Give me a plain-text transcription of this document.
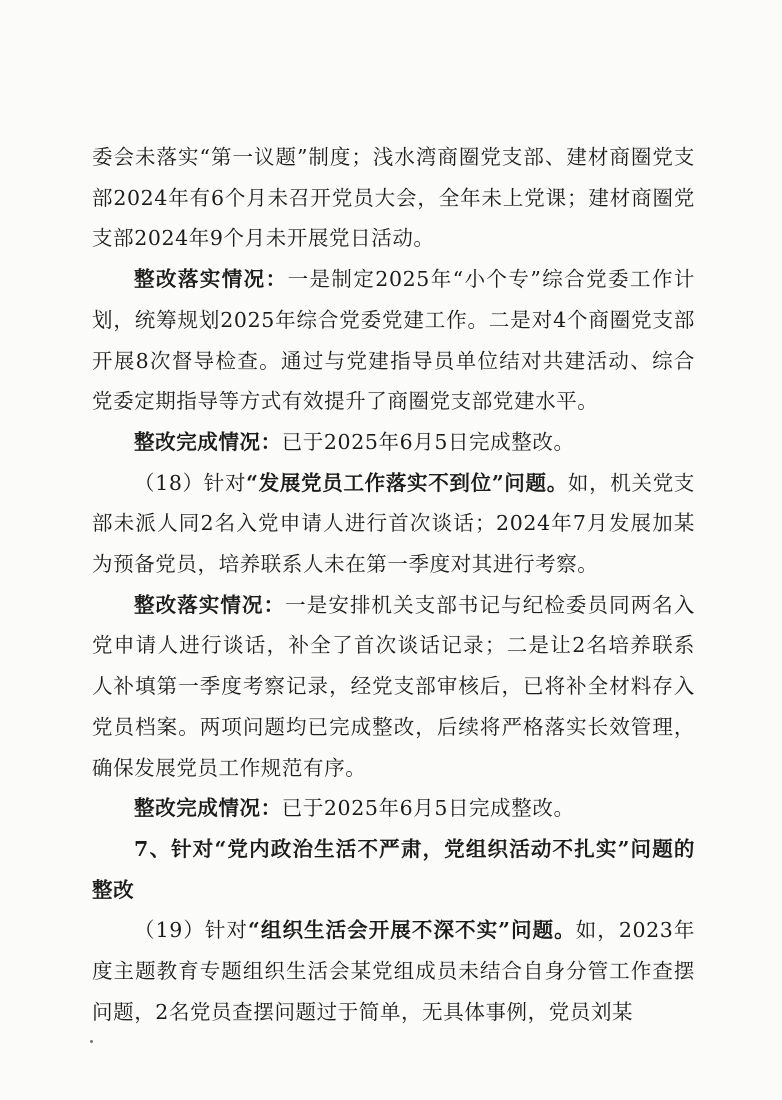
委会未落实“第一议题”制度；浅水湾商圈党支部、建材商圈党支部2024年有6个月未召开党员大会，全年未上党课；建材商圈党支部2024年9个月未开展党日活动。

整改落实情况：一是制定2025年“小个专”综合党委工作计划，统筹规划2025年综合党委党建工作。二是对4个商圈党支部开展8次督导检查。通过与党建指导员单位结对共建活动、综合党委定期指导等方式有效提升了商圈党支部党建水平。

整改完成情况：已于2025年6月5日完成整改。

（18）针对“发展党员工作落实不到位”问题。如，机关党支部未派人同2名入党申请人进行首次谈话；2024年7月发展加某为预备党员，培养联系人未在第一季度对其进行考察。

整改落实情况：一是安排机关支部书记与纪检委员同两名入党申请人进行谈话，补全了首次谈话记录；二是让2名培养联系人补填第一季度考察记录，经党支部审核后，已将补全材料存入党员档案。两项问题均已完成整改，后续将严格落实长效管理，确保发展党员工作规范有序。

整改完成情况：已于2025年6月5日完成整改。

7、针对“党内政治生活不严肃，党组织活动不扎实”问题的整改

（19）针对“组织生活会开展不深不实”问题。如，2023年度主题教育专题组织生活会某党组成员未结合自身分管工作查摆问题，2名党员查摆问题过于简单，无具体事例，党员刘某
